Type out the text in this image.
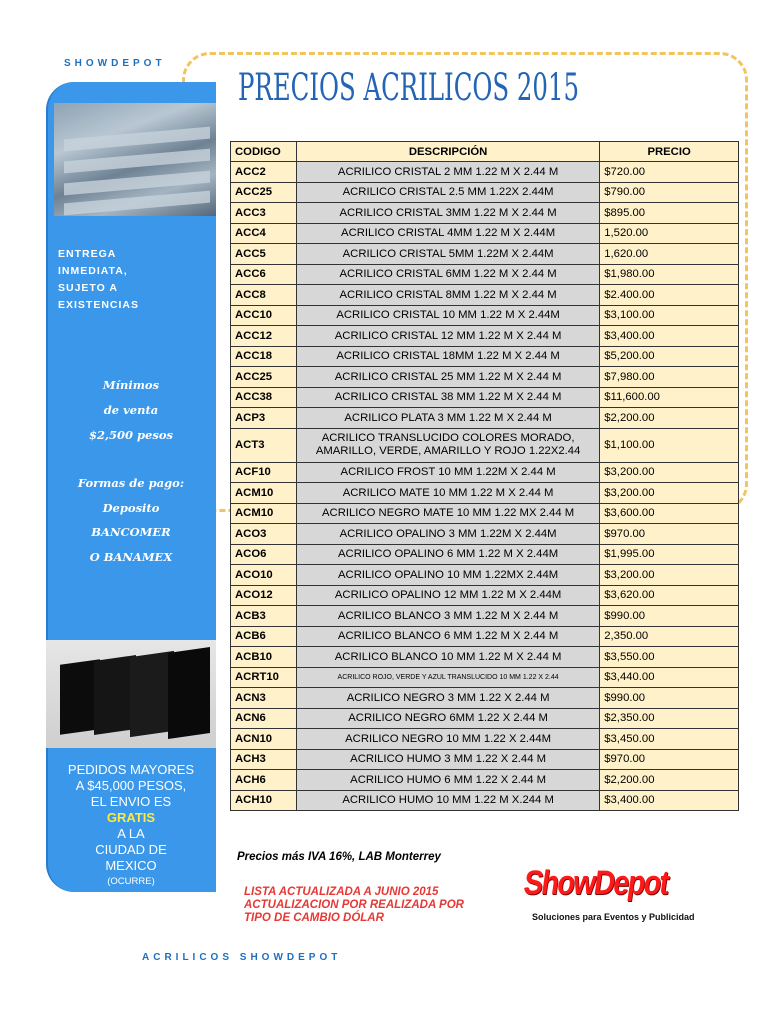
SHOWDEPOT
PRECIOS ACRILICOS 2015
ENTREGA INMEDIATA, SUJETO A EXISTENCIAS
Mínimos
de venta
$2,500 pesos
Formas de pago:
Deposito
BANCOMER
O BANAMEX
PEDIDOS MAYORES
A $45,000 PESOS,
EL ENVIO ES
GRATIS
A LA
CIUDAD DE
MEXICO
(OCURRE)
CODIGO	DESCRIPCIÓN	PRECIO
ACC2	ACRILICO CRISTAL 2 MM 1.22 M X 2.44 M	$720.00
ACC25	ACRILICO CRISTAL 2.5 MM 1.22X 2.44M	$790.00
ACC3	ACRILICO CRISTAL 3MM 1.22 M X 2.44 M	$895.00
ACC4	ACRILICO CRISTAL 4MM 1.22 M X 2.44M	1,520.00
ACC5	ACRILICO CRISTAL 5MM 1.22M X 2.44M	1,620.00
ACC6	ACRILICO CRISTAL 6MM 1.22 M X 2.44 M	$1,980.00
ACC8	ACRILICO CRISTAL 8MM 1.22 M X 2.44 M	$2.400.00
ACC10	ACRILICO CRISTAL 10 MM 1.22 M X 2.44M	$3,100.00
ACC12	ACRILICO CRISTAL 12 MM 1.22 M X 2.44 M	$3,400.00
ACC18	ACRILICO CRISTAL 18MM 1.22 M X 2.44 M	$5,200.00
ACC25	ACRILICO CRISTAL 25 MM 1.22 M X 2.44 M	$7,980.00
ACC38	ACRILICO CRISTAL 38 MM 1.22 M X 2.44 M	$11,600.00
ACP3	ACRILICO PLATA 3 MM 1.22 M X 2.44 M	$2,200.00
ACT3	ACRILICO TRANSLUCIDO COLORES MORADO, AMARILLO, VERDE, AMARILLO Y ROJO 1.22X2.44	$1,100.00
ACF10	ACRILICO FROST 10 MM 1.22M X 2.44 M	$3,200.00
ACM10	ACRILICO MATE 10 MM 1.22 M X 2.44 M	$3,200.00
ACM10	ACRILICO NEGRO MATE 10 MM 1.22 MX 2.44 M	$3,600.00
ACO3	ACRILICO OPALINO 3 MM 1.22M X 2.44M	$970.00
ACO6	ACRILICO OPALINO 6 MM 1.22 M X 2.44M	$1,995.00
ACO10	ACRILICO OPALINO 10 MM 1.22MX 2.44M	$3,200.00
ACO12	ACRILICO OPALINO 12 MM 1.22 M X 2.44M	$3,620.00
ACB3	ACRILICO BLANCO 3 MM 1.22 M X 2.44 M	$990.00
ACB6	ACRILICO BLANCO 6 MM 1.22 M X 2.44 M	2,350.00
ACB10	ACRILICO BLANCO 10 MM 1.22 M X 2.44 M	$3,550.00
ACRT10	ACRILICO ROJO, VERDE Y AZUL TRANSLUCIDO 10 MM 1.22 X 2.44	$3,440.00
ACN3	ACRILICO NEGRO 3 MM 1.22 X 2.44 M	$990.00
ACN6	ACRILICO NEGRO 6MM 1.22 X 2.44 M	$2,350.00
ACN10	ACRILICO NEGRO 10 MM 1.22 X 2.44M	$3,450.00
ACH3	ACRILICO HUMO 3 MM 1.22 X 2.44 M	$970.00
ACH6	ACRILICO HUMO 6 MM 1.22 X 2.44 M	$2,200.00
ACH10	ACRILICO HUMO 10 MM 1.22 M X.244 M	$3,400.00
Precios más IVA 16%, LAB Monterrey
LISTA ACTUALIZADA A JUNIO 2015
ACTUALIZACION POR REALIZADA POR
TIPO DE CAMBIO DÓLAR
ShowDepot
Soluciones para Eventos y Publicidad
ACRILICOS SHOWDEPOT
